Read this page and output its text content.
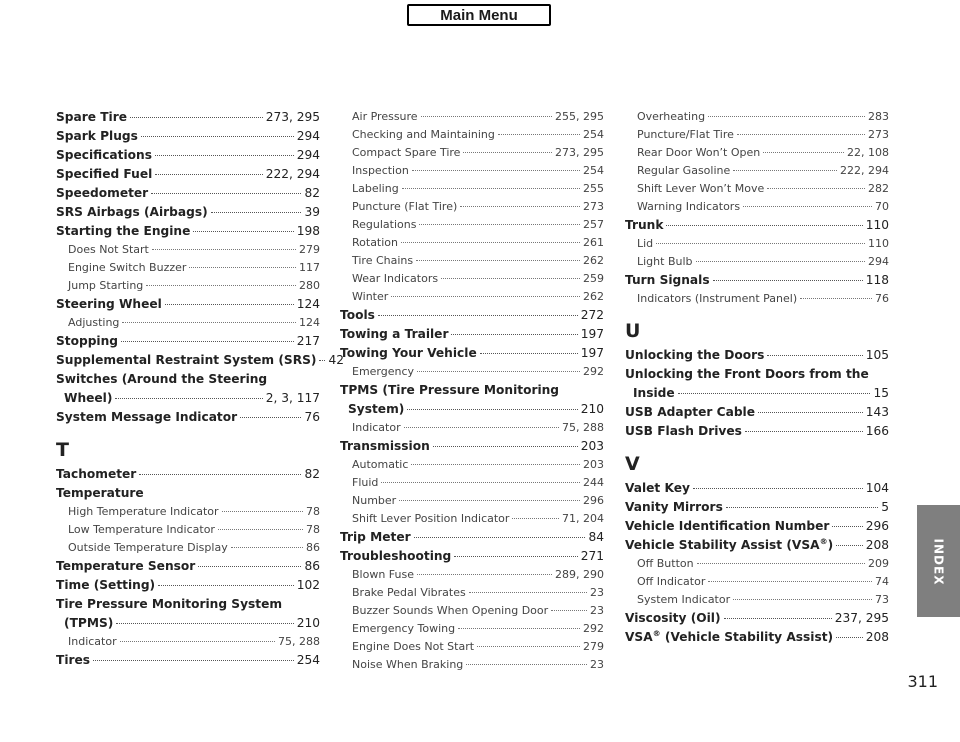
Main Menu
INDEX
Spare Tire	273, 295
Spark Plugs	294
Specifications	294
Specified Fuel	222, 294
Speedometer	82
SRS Airbags (Airbags)	39
Starting the Engine	198
Does Not Start	279
Engine Switch Buzzer	117
Jump Starting	280
Steering Wheel	124
Adjusting	124
Stopping	217
Supplemental Restraint System (SRS) 42
Switches (Around the Steering
Wheel)	2, 3, 117
System Message Indicator	76
T
Tachometer	82
Temperature
High Temperature Indicator	78
Low Temperature Indicator	78
Outside Temperature Display	86
Temperature Sensor	86
Time (Setting)	102
Tire Pressure Monitoring System
(TPMS)	210
Indicator	75, 288
Tires	254
Air Pressure	255, 295
Checking and Maintaining	254
Compact Spare Tire	273, 295
Inspection	254
Labeling	255
Puncture (Flat Tire)	273
Regulations	257
Rotation	261
Tire Chains	262
Wear Indicators	259
Winter	262
Tools	272
Towing a Trailer	197
Towing Your Vehicle	197
Emergency	292
TPMS (Tire Pressure Monitoring
System)	210
Indicator	75, 288
Transmission	203
Automatic	203
Fluid	244
Number	296
Shift Lever Position Indicator	71, 204
Trip Meter	84
Troubleshooting	271
Blown Fuse	289, 290
Brake Pedal Vibrates	23
Buzzer Sounds When Opening Door	23
Emergency Towing	292
Engine Does Not Start	279
Noise When Braking	23
Overheating	283
Puncture/Flat Tire	273
Rear Door Won’t Open	22, 108
Regular Gasoline	222, 294
Shift Lever Won’t Move	282
Warning Indicators	70
Trunk	110
Lid	110
Light Bulb	294
Turn Signals	118
Indicators (Instrument Panel)	76
U
Unlocking the Doors	105
Unlocking the Front Doors from the
Inside	15
USB Adapter Cable	143
USB Flash Drives	166
V
Valet Key	104
Vanity Mirrors	5
Vehicle Identification Number	296
Vehicle Stability Assist (VSA®)	208
Off Button	209
Off Indicator	74
System Indicator	73
Viscosity (Oil)	237, 295
VSA® (Vehicle Stability Assist)	208
311
